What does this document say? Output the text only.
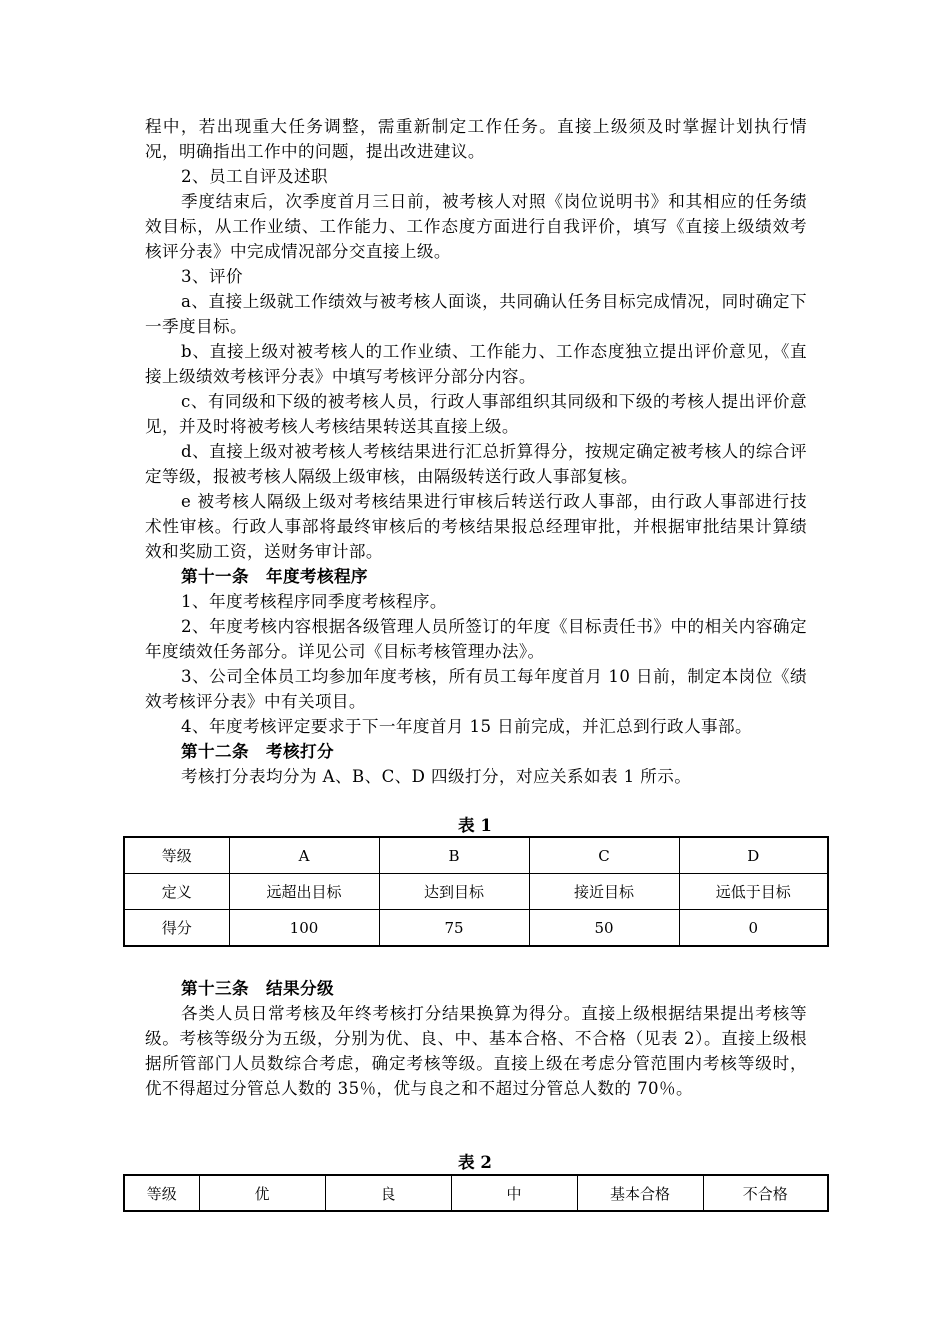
程中，若出现重大任务调整，需重新制定工作任务。直接上级须及时掌握计划执行情况，明确指出工作中的问题，提出改进建议。

2、员工自评及述职

季度结束后，次季度首月三日前，被考核人对照《岗位说明书》和其相应的任务绩效目标，从工作业绩、工作能力、工作态度方面进行自我评价，填写《直接上级绩效考核评分表》中完成情况部分交直接上级。

3、评价

a、直接上级就工作绩效与被考核人面谈，共同确认任务目标完成情况，同时确定下一季度目标。

b、直接上级对被考核人的工作业绩、工作能力、工作态度独立提出评价意见，《直接上级绩效考核评分表》中填写考核评分部分内容。

c、有同级和下级的被考核人员，行政人事部组织其同级和下级的考核人提出评价意见，并及时将被考核人考核结果转送其直接上级。

d、直接上级对被考核人考核结果进行汇总折算得分，按规定确定被考核人的综合评定等级，报被考核人隔级上级审核，由隔级转送行政人事部复核。

e 被考核人隔级上级对考核结果进行审核后转送行政人事部，由行政人事部进行技术性审核。行政人事部将最终审核后的考核结果报总经理审批，并根据审批结果计算绩效和奖励工资，送财务审计部。

第十一条　年度考核程序

1、年度考核程序同季度考核程序。

2、年度考核内容根据各级管理人员所签订的年度《目标责任书》中的相关内容确定年度绩效任务部分。详见公司《目标考核管理办法》。

3、公司全体员工均参加年度考核，所有员工每年度首月 10 日前，制定本岗位《绩效考核评分表》中有关项目。

4、年度考核评定要求于下一年度首月 15 日前完成，并汇总到行政人事部。

第十二条　考核打分

考核打分表均分为 A、B、C、D 四级打分，对应关系如表 1 所示。

表 1
等级	A	B	C	D
定义	远超出目标	达到目标	接近目标	远低于目标
得分	100	75	50	0

第十三条　结果分级

各类人员日常考核及年终考核打分结果换算为得分。直接上级根据结果提出考核等级。考核等级分为五级，分别为优、良、中、基本合格、不合格（见表 2）。直接上级根据所管部门人员数综合考虑，确定考核等级。直接上级在考虑分管范围内考核等级时，优不得超过分管总人数的 35％，优与良之和不超过分管总人数的 70％。

表 2
等级	优	良	中	基本合格	不合格
